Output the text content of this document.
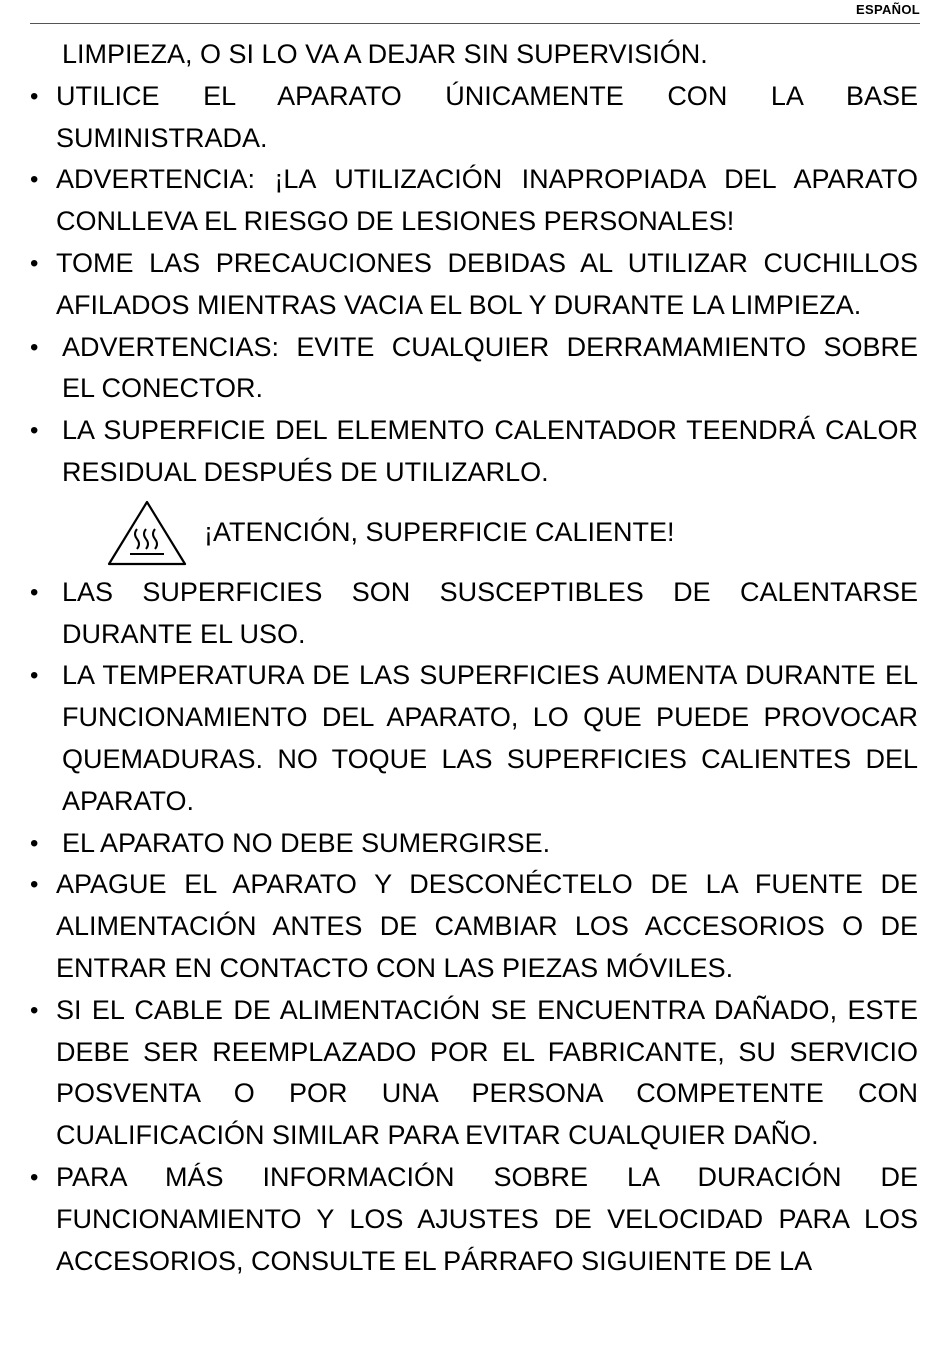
ESPAÑOL
LIMPIEZA, O SI LO VA A DEJAR SIN SUPERVISIÓN.
• UTILICE EL APARATO ÚNICAMENTE CON LA BASE SUMINISTRADA.
• ADVERTENCIA: ¡LA UTILIZACIÓN INAPROPIADA DEL APARATO CONLLEVA EL RIESGO DE LESIONES PERSONALES!
• TOME LAS PRECAUCIONES DEBIDAS AL UTILIZAR CUCHILLOS AFILADOS MIENTRAS VACIA EL BOL Y DURANTE LA LIMPIEZA.
• ADVERTENCIAS: EVITE CUALQUIER DERRAMAMIENTO SOBRE EL CONECTOR.
• LA SUPERFICIE DEL ELEMENTO CALENTADOR TEENDRÁ CALOR RESIDUAL DESPUÉS DE UTILIZARLO.
¡ATENCIÓN, SUPERFICIE CALIENTE!
• LAS SUPERFICIES SON SUSCEPTIBLES DE CALENTARSE DURANTE EL USO.
• LA TEMPERATURA DE LAS SUPERFICIES AUMENTA DURANTE EL FUNCIONAMIENTO DEL APARATO, LO QUE PUEDE PROVOCAR QUEMADURAS. NO TOQUE LAS SUPERFICIES CALIENTES DEL APARATO.
• EL APARATO NO DEBE SUMERGIRSE.
• APAGUE EL APARATO Y DESCONÉCTELO DE LA FUENTE DE ALIMENTACIÓN ANTES DE CAMBIAR LOS ACCESORIOS O DE ENTRAR EN CONTACTO CON LAS PIEZAS MÓVILES.
• SI EL CABLE DE ALIMENTACIÓN SE ENCUENTRA DAÑADO, ESTE DEBE SER REEMPLAZADO POR EL FABRICANTE, SU SERVICIO POSVENTA O POR UNA PERSONA COMPETENTE CON CUALIFICACIÓN SIMILAR PARA EVITAR CUALQUIER DAÑO.
• PARA MÁS INFORMACIÓN SOBRE LA DURACIÓN DE FUNCIONAMIENTO Y LOS AJUSTES DE VELOCIDAD PARA LOS ACCESORIOS, CONSULTE EL PÁRRAFO SIGUIENTE DE LA
